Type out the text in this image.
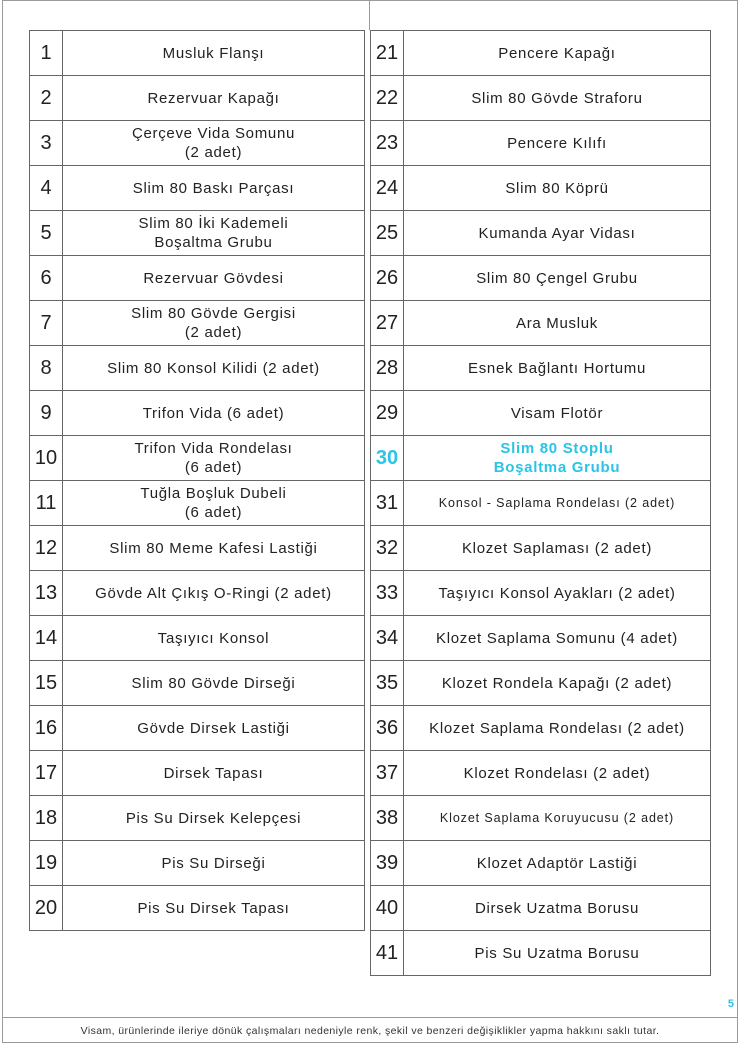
1	Musluk Flanşı

2	Rezervuar Kapağı

3	Çerçeve Vida Somunu
(2 adet)

4	Slim 80 Baskı Parçası

5	Slim 80 İki Kademeli
Boşaltma Grubu

6	Rezervuar Gövdesi

7	Slim 80 Gövde Gergisi
(2 adet)

8	Slim 80 Konsol Kilidi (2 adet)

9	Trifon Vida (6 adet)

10	Trifon Vida Rondelası
(6 adet)

11	Tuğla Boşluk Dubeli
(6 adet)

12	Slim 80 Meme Kafesi Lastiği

13	Gövde Alt Çıkış O-Ringi (2 adet)

14	Taşıyıcı Konsol

15	Slim 80 Gövde Dirseği

16	Gövde Dirsek Lastiği

17	Dirsek Tapası

18	Pis Su Dirsek Kelepçesi

19	Pis Su Dirseği

20	Pis Su Dirsek Tapası
21	Pencere Kapağı

22	Slim 80 Gövde Straforu

23	Pencere Kılıfı

24	Slim 80 Köprü

25	Kumanda Ayar Vidası

26	Slim 80 Çengel Grubu

27	Ara Musluk

28	Esnek Bağlantı Hortumu

29	Visam Flotör

30	Slim 80 Stoplu
Boşaltma Grubu

31	Konsol - Saplama Rondelası (2 adet)

32	Klozet Saplaması (2 adet)

33	Taşıyıcı Konsol Ayakları (2 adet)

34	Klozet Saplama Somunu (4 adet)

35	Klozet Rondela Kapağı (2 adet)

36	Klozet Saplama Rondelası (2 adet)

37	Klozet Rondelası (2 adet)

38	Klozet Saplama Koruyucusu (2 adet)

39	Klozet Adaptör Lastiği

40	Dirsek Uzatma Borusu

41	Pis Su Uzatma Borusu
5
Visam, ürünlerinde ileriye dönük çalışmaları nedeniyle renk, şekil ve benzeri değişiklikler yapma hakkını saklı tutar.
